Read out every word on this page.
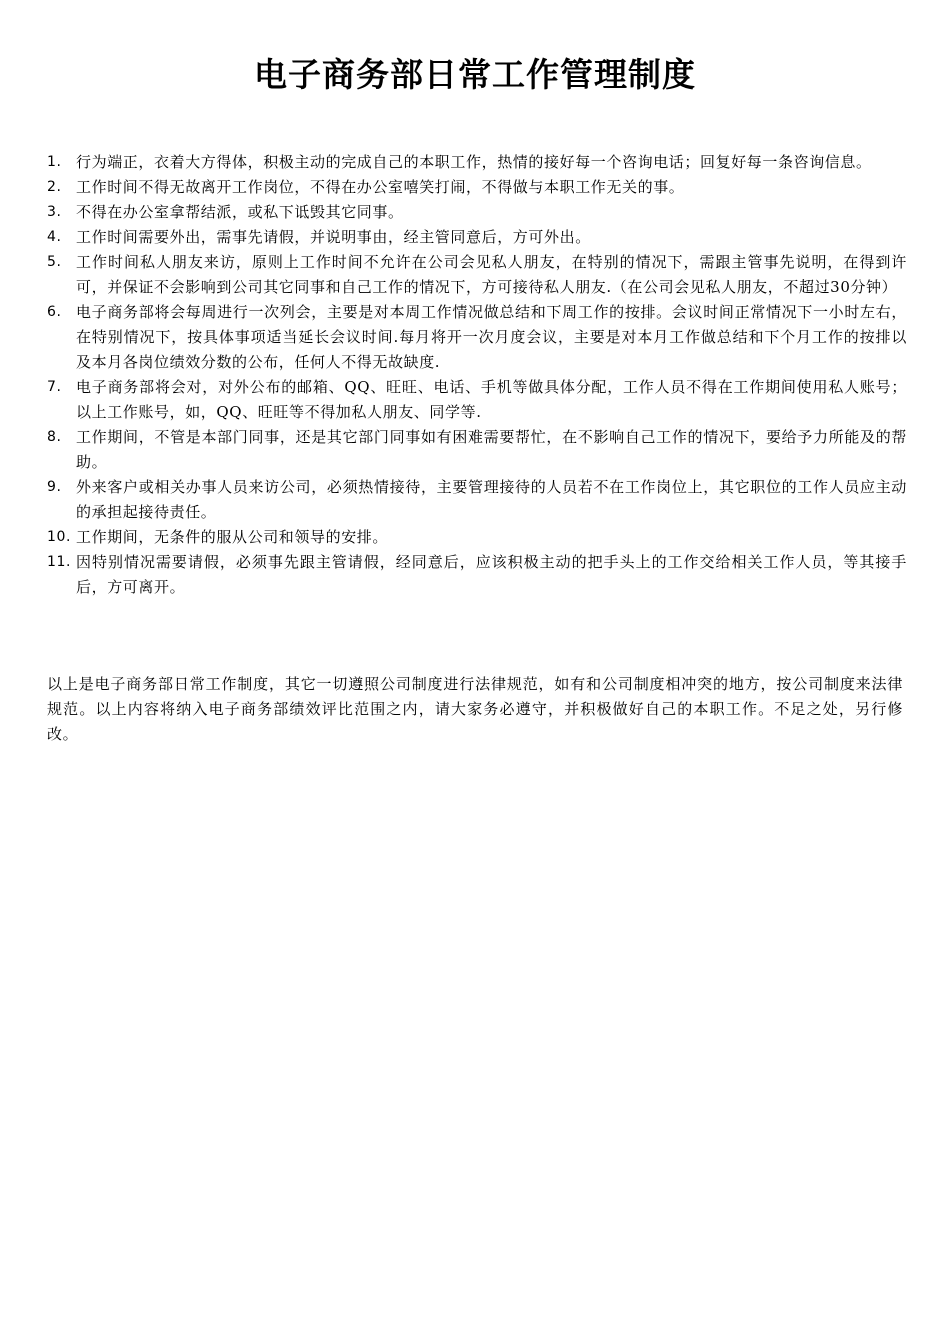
电子商务部日常工作管理制度
1. 行为端正，衣着大方得体，积极主动的完成自己的本职工作，热情的接好每一个咨询电话；回复好每一条咨询信息。
2. 工作时间不得无故离开工作岗位，不得在办公室嘻笑打闹，不得做与本职工作无关的事。
3. 不得在办公室拿帮结派，或私下诋毁其它同事。
4. 工作时间需要外出，需事先请假，并说明事由，经主管同意后，方可外出。
5. 工作时间私人朋友来访，原则上工作时间不允许在公司会见私人朋友，在特别的情况下，需跟主管事先说明，在得到许可，并保证不会影响到公司其它同事和自己工作的情况下，方可接待私人朋友.（在公司会见私人朋友，不超过30分钟）
6. 电子商务部将会每周进行一次列会，主要是对本周工作情况做总结和下周工作的按排。会议时间正常情况下一小时左右，在特别情况下，按具体事项适当延长会议时间.每月将开一次月度会议，主要是对本月工作做总结和下个月工作的按排以及本月各岗位绩效分数的公布，任何人不得无故缺度.
7. 电子商务部将会对，对外公布的邮箱、QQ、旺旺、电话、手机等做具体分配，工作人员不得在工作期间使用私人账号；以上工作账号，如，QQ、旺旺等不得加私人朋友、同学等.
8. 工作期间，不管是本部门同事，还是其它部门同事如有困难需要帮忙，在不影响自己工作的情况下，要给予力所能及的帮助。
9. 外来客户或相关办事人员来访公司，必须热情接待，主要管理接待的人员若不在工作岗位上，其它职位的工作人员应主动的承担起接待责任。
10. 工作期间，无条件的服从公司和领导的安排。
11. 因特别情况需要请假，必须事先跟主管请假，经同意后，应该积极主动的把手头上的工作交给相关工作人员，等其接手后，方可离开。

以上是电子商务部日常工作制度，其它一切遵照公司制度进行法律规范，如有和公司制度相冲突的地方，按公司制度来法律规范。以上内容将纳入电子商务部绩效评比范围之内，请大家务必遵守，并积极做好自己的本职工作。不足之处，另行修改。
